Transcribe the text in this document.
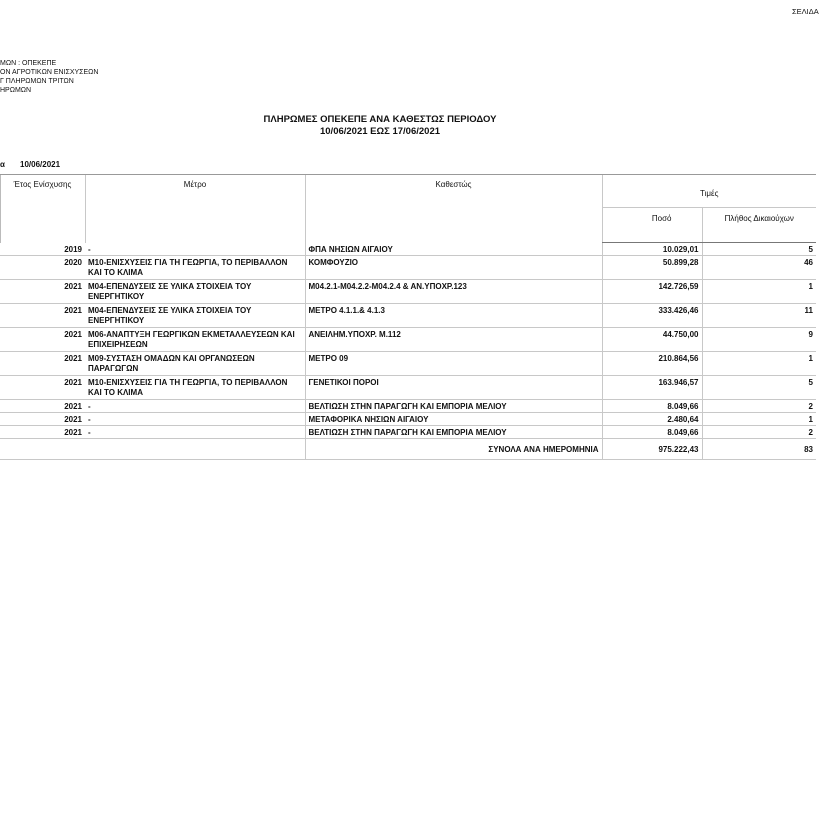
ΣΕΛΙΔΑ
ΜΩΝ : ΟΠΕΚΕΠΕ
ΟΝ ΑΓΡΟΤΙΚΩΝ ΕΝΙΣΧΥΣΕΩΝ
Γ ΠΛΗΡΩΜΩΝ ΤΡΙΤΩΝ
ΗΡΩΜΩΝ
ΠΛΗΡΩΜΕΣ ΟΠΕΚΕΠΕ ΑΝΑ ΚΑΘΕΣΤΩΣ ΠΕΡΙΟΔΟΥ
10/06/2021 ΕΩΣ 17/06/2021
α 10/06/2021
	Έτος Ενίσχυσης	Μέτρο	Καθεστώς	Τιμές	
				Ποσό	Πλήθος Δικαιούχων
	2019	-	ΦΠΑ ΝΗΣΙΩΝ ΑΙΓΑΙΟΥ	10.029,01	5
	2020	Μ10-ΕΝΙΣΧΥΣΕΙΣ ΓΙΑ ΤΗ ΓΕΩΡΓΙΑ, ΤΟ ΠΕΡΙΒΑΛΛΟΝ ΚΑΙ ΤΟ ΚΛΙΜΑ	ΚΟΜΦΟΥΖΙΟ	50.899,28	46
	2021	Μ04-ΕΠΕΝΔΥΣΕΙΣ ΣΕ ΥΛΙΚΑ ΣΤΟΙΧΕΙΑ ΤΟΥ ΕΝΕΡΓΗΤΙΚΟΥ	Μ04.2.1-Μ04.2.2-Μ04.2.4 & ΑΝ.ΥΠΟΧΡ.123	142.726,59	1
	2021	Μ04-ΕΠΕΝΔΥΣΕΙΣ ΣΕ ΥΛΙΚΑ ΣΤΟΙΧΕΙΑ ΤΟΥ ΕΝΕΡΓΗΤΙΚΟΥ	ΜΕΤΡΟ 4.1.1.& 4.1.3	333.426,46	11
	2021	Μ06-ΑΝΑΠΤΥΞΗ ΓΕΩΡΓΙΚΩΝ ΕΚΜΕΤΑΛΛΕΥΣΕΩΝ ΚΑΙ ΕΠΙΧΕΙΡΗΣΕΩΝ	ΑΝΕΙΛΗΜ.ΥΠΟΧΡ. Μ.112	44.750,00	9
	2021	Μ09-ΣΥΣΤΑΣΗ ΟΜΑΔΩΝ ΚΑΙ ΟΡΓΑΝΩΣΕΩΝ ΠΑΡΑΓΩΓΩΝ	ΜΕΤΡΟ 09	210.864,56	1
	2021	Μ10-ΕΝΙΣΧΥΣΕΙΣ ΓΙΑ ΤΗ ΓΕΩΡΓΙΑ, ΤΟ ΠΕΡΙΒΑΛΛΟΝ ΚΑΙ ΤΟ ΚΛΙΜΑ	ΓΕΝΕΤΙΚΟΙ ΠΟΡΟΙ	163.946,57	5
	2021	-	ΒΕΛΤΙΩΣΗ ΣΤΗΝ ΠΑΡΑΓΩΓΗ ΚΑΙ ΕΜΠΟΡΙΑ ΜΕΛΙΟΥ	8.049,66	2
	2021	-	ΜΕΤΑΦΟΡΙΚΑ ΝΗΣΙΩΝ ΑΙΓΑΙΟΥ	2.480,64	1
	2021	-	ΒΕΛΤΙΩΣΗ ΣΤΗΝ ΠΑΡΑΓΩΓΗ ΚΑΙ ΕΜΠΟΡΙΑ ΜΕΛΙΟΥ	8.049,66	2
			ΣΥΝΟΛΑ ΑΝΑ ΗΜΕΡΟΜΗΝΙΑ	975.222,43	83
